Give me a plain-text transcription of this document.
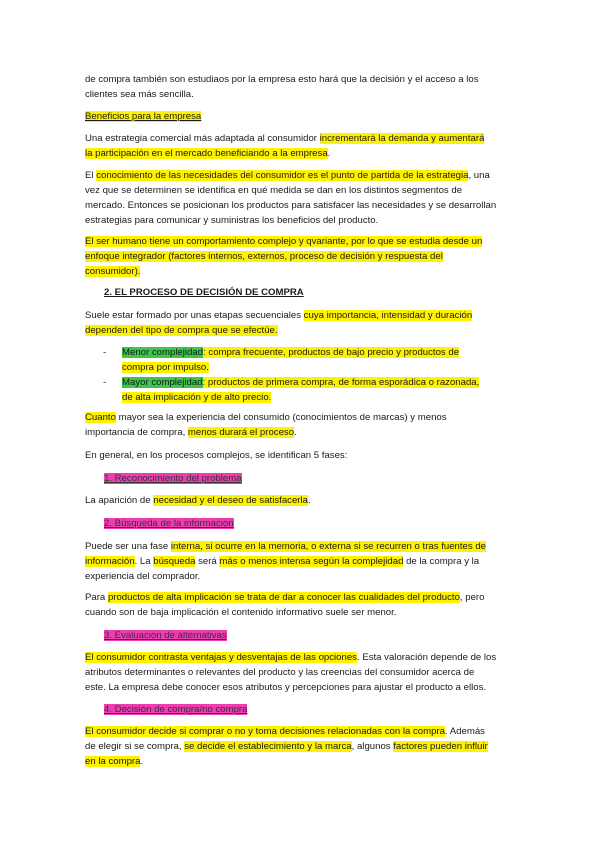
de compra también son estudiaos por la empresa esto hará que la decisión y el acceso a los
clientes sea más sencilla.
Beneficios para la empresa
Una estrategia comercial más adaptada al consumidor incrementará la demanda y aumentará
la participación en el mercado beneficiando a la empresa.
El conocimiento de las necesidades del consumidor es el punto de partida de la estrategia, una
vez que se determinen se identifica en qué medida se dan en los distintos segmentos de
mercado. Entonces se posicionan los productos para satisfacer las necesidades y se desarrollan
estrategias para comunicar y suministras los beneficios del producto.
El ser humano tiene un comportamiento complejo y qvariante, por lo que se estudia desde un
enfoque integrador (factores internos, externos, proceso de decisión y respuesta del
consumidor).
2. EL PROCESO DE DECISIÓN DE COMPRA
Suele estar formado por unas etapas secuenciales cuya importancia, intensidad y duración
dependen del tipo de compra que se efectúe.
- Menor complejidad: compra frecuente, productos de bajo precio y productos de
compra por impulso.
- Mayor complejidad: productos de primera compra, de forma esporádica o razonada,
de alta implicación y de alto precio.
Cuanto mayor sea la experiencia del consumido (conocimientos de marcas) y menos
importancia de compra, menos durará el proceso.
En general, en los procesos complejos, se identifican 5 fases:
1. Reconocimiento del problema
La aparición de necesidad y el deseo de satisfacerla.
2. Búsqueda de la información
Puede ser una fase interna, si ocurre en la memoria, o externa si se recurren o tras fuentes de
información. La búsqueda será más o menos intensa según la complejidad de la compra y la
experiencia del comprador.
Para productos de alta implicación se trata de dar a conocer las cualidades del producto, pero
cuando son de baja implicación el contenido informativo suele ser menor.
3. Evaluación de alternativas
El consumidor contrasta ventajas y desventajas de las opciones. Esta valoración depende de los
atributos determinantes o relevantes del producto y las creencias del consumidor acerca de
este. La empresa debe conocer esos atributos y percepciones para ajustar el producto a ellos.
4. Decisión de compra/no compra
El consumidor decide si comprar o no y toma decisiones relacionadas con la compra. Además
de elegir si se compra, se decide el establecimiento y la marca, algunos factores pueden influir
en la compra.
